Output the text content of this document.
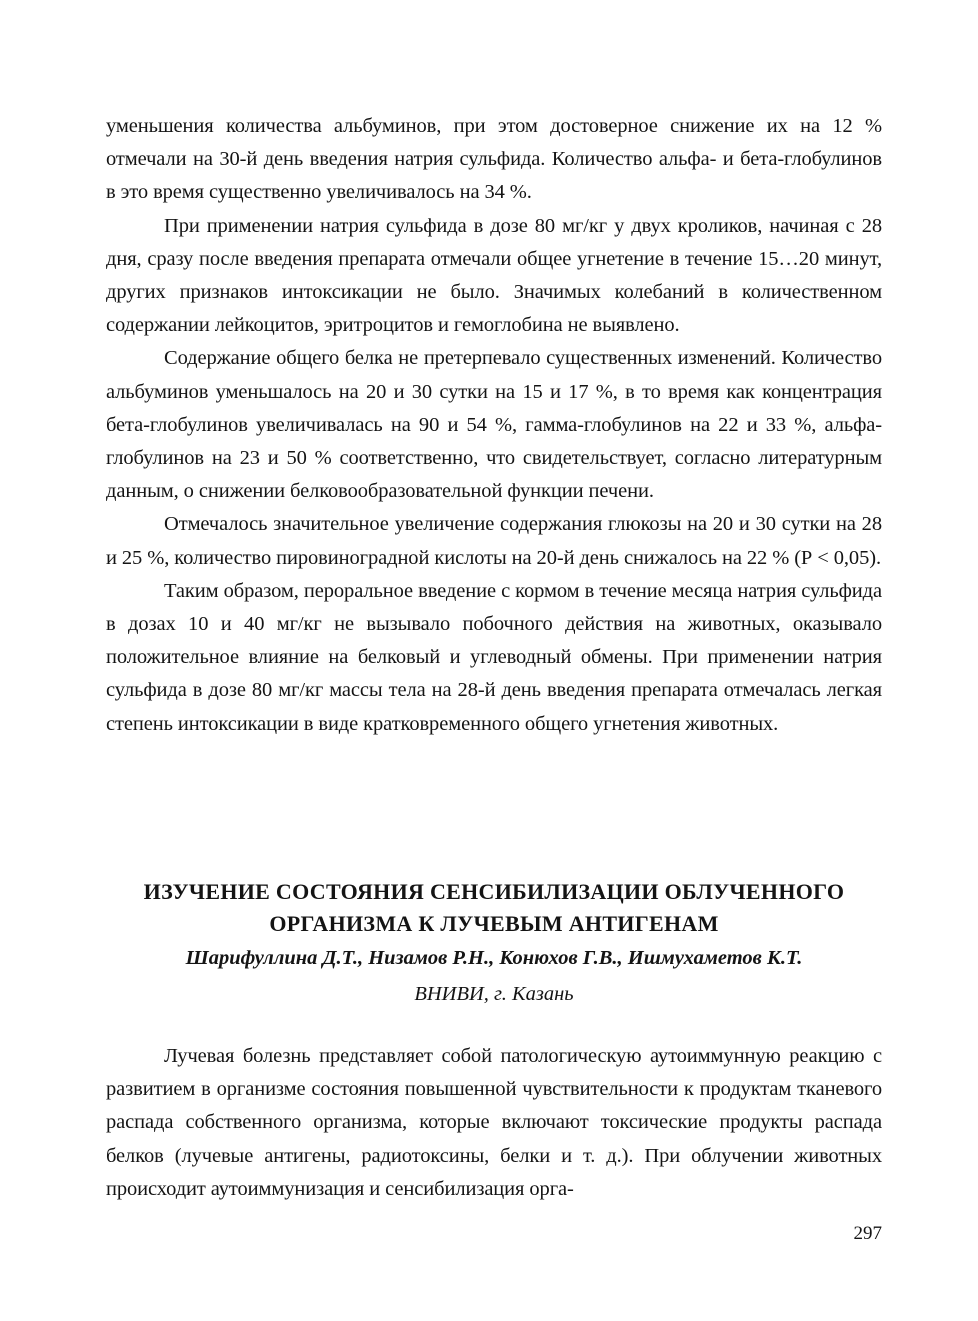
уменьшения количества альбуминов, при этом достоверное снижение их на 12 % отмечали на 30-й день введения натрия сульфида. Количество альфа- и бета-глобулинов в это время существенно увеличивалось на 34 %.

При применении натрия сульфида в дозе 80 мг/кг у двух кроликов, начиная с 28 дня, сразу после введения препарата отмечали общее угнетение в течение 15…20 минут, других признаков интоксикации не было. Значимых колебаний в количественном содержании лейкоцитов, эритроцитов и гемоглобина не выявлено.

Содержание общего белка не претерпевало существенных изменений. Количество альбуминов уменьшалось на 20 и 30 сутки на 15 и 17 %, в то время как концентрация бета-глобулинов увеличивалась на 90 и 54 %, гамма-глобулинов на 22 и 33 %, альфа-глобулинов на 23 и 50 % соответственно, что свидетельствует, согласно литературным данным, о снижении белковообразовательной функции печени.

Отмечалось значительное увеличение содержания глюкозы на 20 и 30 сутки на 28 и 25 %, количество пировиноградной кислоты на 20-й день снижалось на 22 % (Р < 0,05).

Таким образом, пероральное введение с кормом в течение месяца натрия сульфида в дозах 10 и 40 мг/кг не вызывало побочного действия на животных, оказывало положительное влияние на белковый и углеводный обмены. При применении натрия сульфида в дозе 80 мг/кг массы тела на 28-й день введения препарата отмечалась легкая степень интоксикации в виде кратковременного общего угнетения животных.

ИЗУЧЕНИЕ СОСТОЯНИЯ СЕНСИБИЛИЗАЦИИ ОБЛУЧЕННОГО
ОРГАНИЗМА К ЛУЧЕВЫМ АНТИГЕНАМ
Шарифуллина Д.Т., Низамов Р.Н., Конюхов Г.В., Ишмухаметов К.Т.
ВНИВИ, г. Казань

Лучевая болезнь представляет собой патологическую аутоиммунную реакцию с развитием в организме состояния повышенной чувствительности к продуктам тканевого распада собственного организма, которые включают токсические продукты распада белков (лучевые антигены, радиотоксины, белки и т. д.). При облучении животных происходит аутоиммунизация и сенсибилизация орга-

297
